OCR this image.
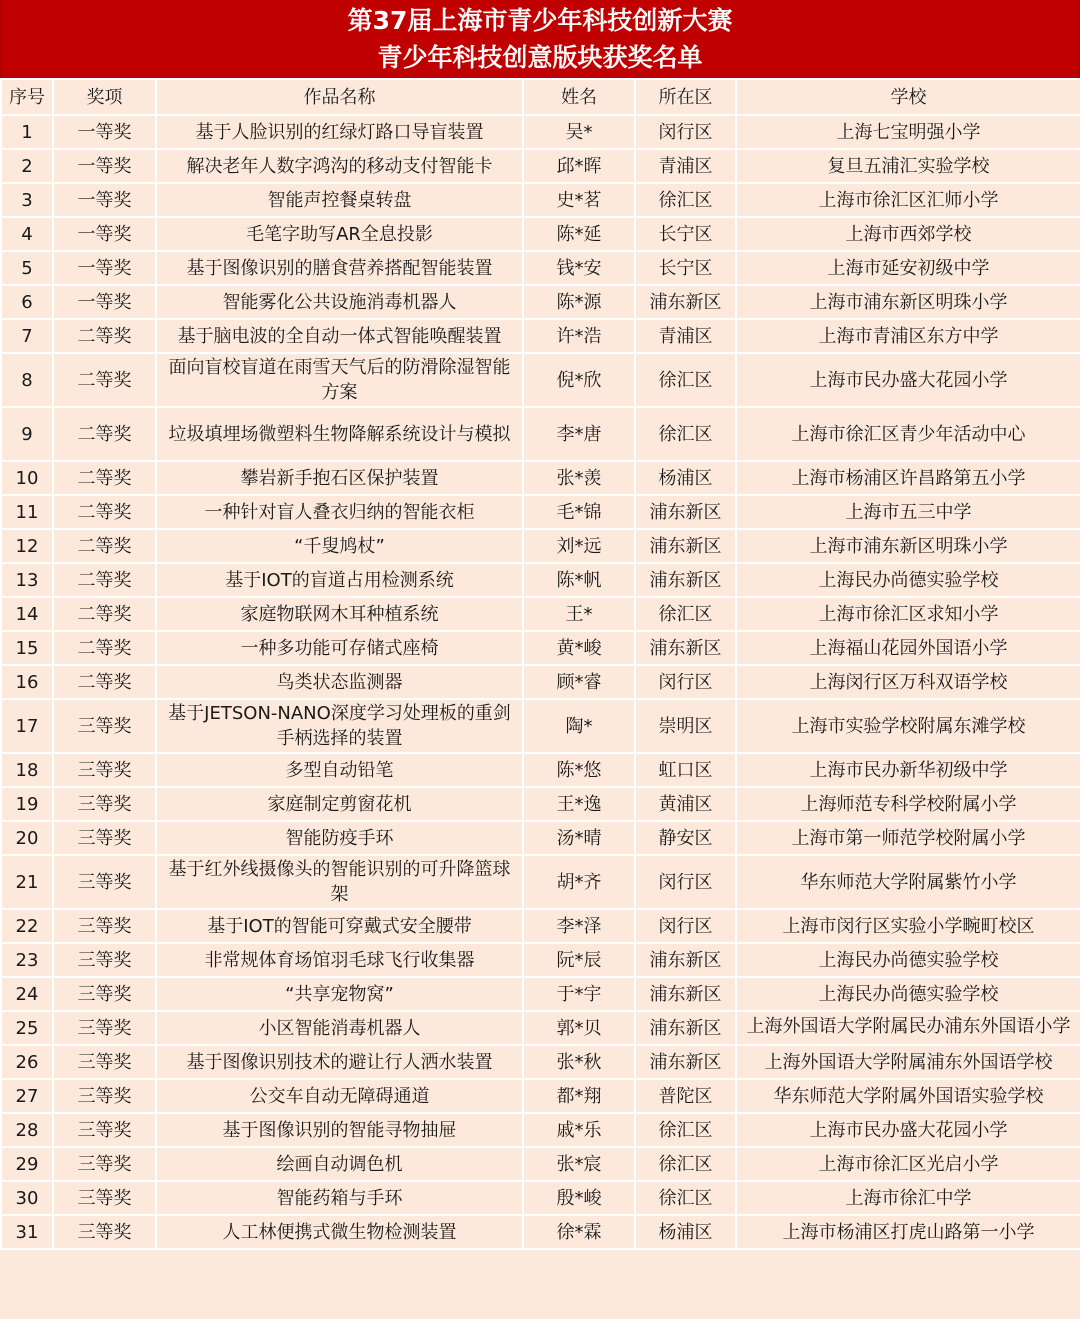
第37届上海市青少年科技创新大赛
青少年科技创意版块获奖名单
序号	奖项	作品名称	姓名	所在区	学校
1	一等奖	基于人脸识别的红绿灯路口导盲装置	吴*	闵行区	上海七宝明强小学
2	一等奖	解决老年人数字鸿沟的移动支付智能卡	邱*晖	青浦区	复旦五浦汇实验学校
3	一等奖	智能声控餐桌转盘	史*茗	徐汇区	上海市徐汇区汇师小学
4	一等奖	毛笔字助写AR全息投影	陈*延	长宁区	上海市西郊学校
5	一等奖	基于图像识别的膳食营养搭配智能装置	钱*安	长宁区	上海市延安初级中学
6	一等奖	智能雾化公共设施消毒机器人	陈*源	浦东新区	上海市浦东新区明珠小学
7	二等奖	基于脑电波的全自动一体式智能唤醒装置	许*浩	青浦区	上海市青浦区东方中学
8	二等奖	面向盲校盲道在雨雪天气后的防滑除湿智能方案	倪*欣	徐汇区	上海市民办盛大花园小学
9	二等奖	垃圾填埋场微塑料生物降解系统设计与模拟	李*唐	徐汇区	上海市徐汇区青少年活动中心
10	二等奖	攀岩新手抱石区保护装置	张*羡	杨浦区	上海市杨浦区许昌路第五小学
11	二等奖	一种针对盲人叠衣归纳的智能衣柜	毛*锦	浦东新区	上海市五三中学
12	二等奖	“千叟鸠杖”	刘*远	浦东新区	上海市浦东新区明珠小学
13	二等奖	基于IOT的盲道占用检测系统	陈*帆	浦东新区	上海民办尚德实验学校
14	二等奖	家庭物联网木耳种植系统	王*	徐汇区	上海市徐汇区求知小学
15	二等奖	一种多功能可存储式座椅	黄*峻	浦东新区	上海福山花园外国语小学
16	二等奖	鸟类状态监测器	顾*睿	闵行区	上海闵行区万科双语学校
17	三等奖	基于JETSON-NANO深度学习处理板的重剑手柄选择的装置	陶*	崇明区	上海市实验学校附属东滩学校
18	三等奖	多型自动铅笔	陈*悠	虹口区	上海市民办新华初级中学
19	三等奖	家庭制定剪窗花机	王*逸	黄浦区	上海师范专科学校附属小学
20	三等奖	智能防疫手环	汤*晴	静安区	上海市第一师范学校附属小学
21	三等奖	基于红外线摄像头的智能识别的可升降篮球架	胡*齐	闵行区	华东师范大学附属紫竹小学
22	三等奖	基于IOT的智能可穿戴式安全腰带	李*泽	闵行区	上海市闵行区实验小学畹町校区
23	三等奖	非常规体育场馆羽毛球飞行收集器	阮*辰	浦东新区	上海民办尚德实验学校
24	三等奖	“共享宠物窝”	于*宇	浦东新区	上海民办尚德实验学校
25	三等奖	小区智能消毒机器人	郭*贝	浦东新区	上海外国语大学附属民办浦东外国语小学

26	三等奖	基于图像识别技术的避让行人洒水装置	张*秋	浦东新区	上海外国语大学附属浦东外国语学校
27	三等奖	公交车自动无障碍通道	都*翔	普陀区	华东师范大学附属外国语实验学校
28	三等奖	基于图像识别的智能寻物抽屉	戚*乐	徐汇区	上海市民办盛大花园小学
29	三等奖	绘画自动调色机	张*宸	徐汇区	上海市徐汇区光启小学
30	三等奖	智能药箱与手环	殷*峻	徐汇区	上海市徐汇中学
31	三等奖	人工林便携式微生物检测装置	徐*霖	杨浦区	上海市杨浦区打虎山路第一小学
